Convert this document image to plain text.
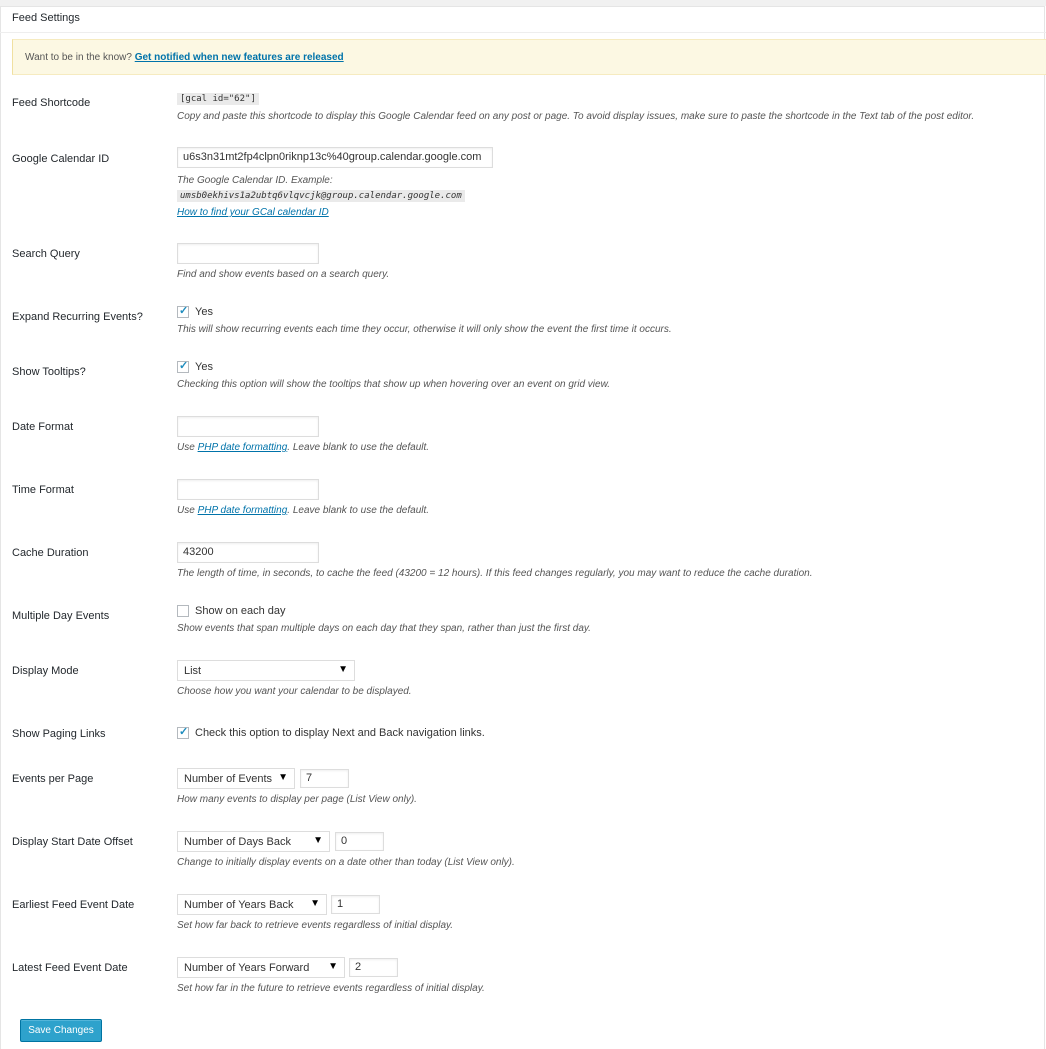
Feed Settings
Want to be in the know? Get notified when new features are released
Feed Shortcode	[gcal id="62"]
Copy and paste this shortcode to display this Google Calendar feed on any post or page. To avoid display issues, make sure to paste the shortcode in the Text tab of the post editor.
Google Calendar ID	u6s3n31mt2fp4clpn0riknp13c%40group.calendar.google.com
The Google Calendar ID. Example:
umsb0ekhivs1a2ubtq6vlqvcjk@group.calendar.google.com
How to find your GCal calendar ID
Search Query
Find and show events based on a search query.
Expand Recurring Events?	✓ Yes
This will show recurring events each time they occur, otherwise it will only show the event the first time it occurs.
Show Tooltips?	✓ Yes
Checking this option will show the tooltips that show up when hovering over an event on grid view.
Date Format
Use PHP date formatting. Leave blank to use the default.
Time Format
Use PHP date formatting. Leave blank to use the default.
Cache Duration	43200
The length of time, in seconds, to cache the feed (43200 = 12 hours). If this feed changes regularly, you may want to reduce the cache duration.
Multiple Day Events	Show on each day
Show events that span multiple days on each day that they span, rather than just the first day.
Display Mode	List	▼
Choose how you want your calendar to be displayed.
Show Paging Links	✓ Check this option to display Next and Back navigation links.
Events per Page	Number of Events ▼	7
How many events to display per page (List View only).
Display Start Date Offset	Number of Days Back ▼	0
Change to initially display events on a date other than today (List View only).
Earliest Feed Event Date	Number of Years Back ▼	1
Set how far back to retrieve events regardless of initial display.
Latest Feed Event Date	Number of Years Forward ▼	2
Set how far in the future to retrieve events regardless of initial display.
Save Changes
